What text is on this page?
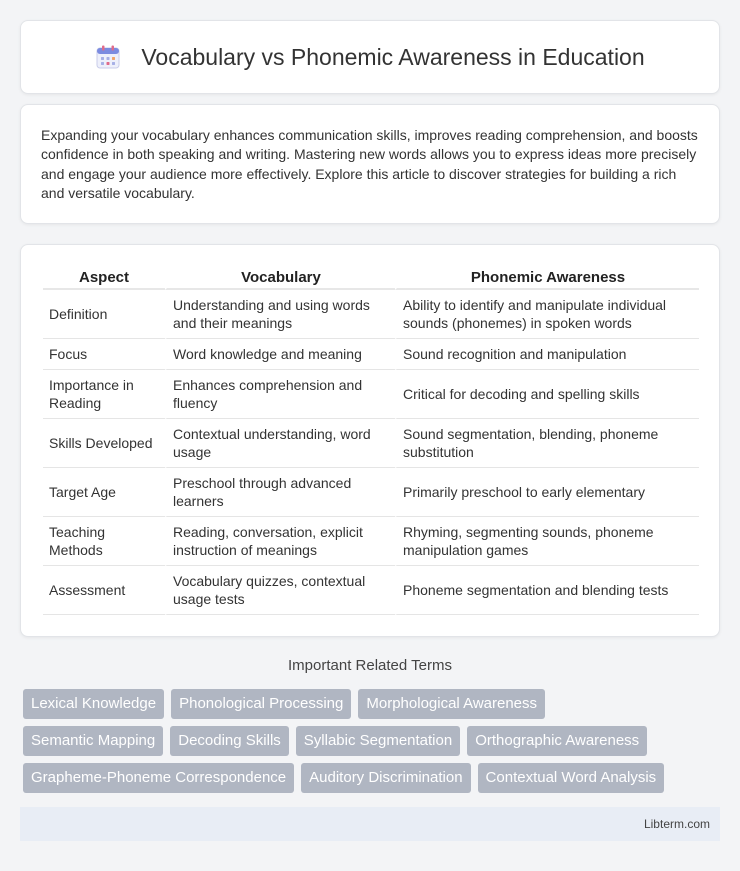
Vocabulary vs Phonemic Awareness in Education

Expanding your vocabulary enhances communication skills, improves reading comprehension, and boosts confidence in both speaking and writing. Mastering new words allows you to express ideas more precisely and engage your audience more effectively. Explore this article to discover strategies for building a rich and versatile vocabulary.

Aspect	Vocabulary	Phonemic Awareness
Definition	Understanding and using words and their meanings	Ability to identify and manipulate individual sounds (phonemes) in spoken words
Focus	Word knowledge and meaning	Sound recognition and manipulation
Importance in Reading	Enhances comprehension and fluency	Critical for decoding and spelling skills
Skills Developed	Contextual understanding, word usage	Sound segmentation, blending, phoneme substitution
Target Age	Preschool through advanced learners	Primarily preschool to early elementary
Teaching Methods	Reading, conversation, explicit instruction of meanings	Rhyming, segmenting sounds, phoneme manipulation games
Assessment	Vocabulary quizzes, contextual usage tests	Phoneme segmentation and blending tests
Important Related Terms
Lexical Knowledge	Phonological Processing	Morphological Awareness
Semantic Mapping	Decoding Skills	Syllabic Segmentation	Orthographic Awareness
Grapheme-Phoneme Correspondence	Auditory Discrimination	Contextual Word Analysis
Libterm.com
